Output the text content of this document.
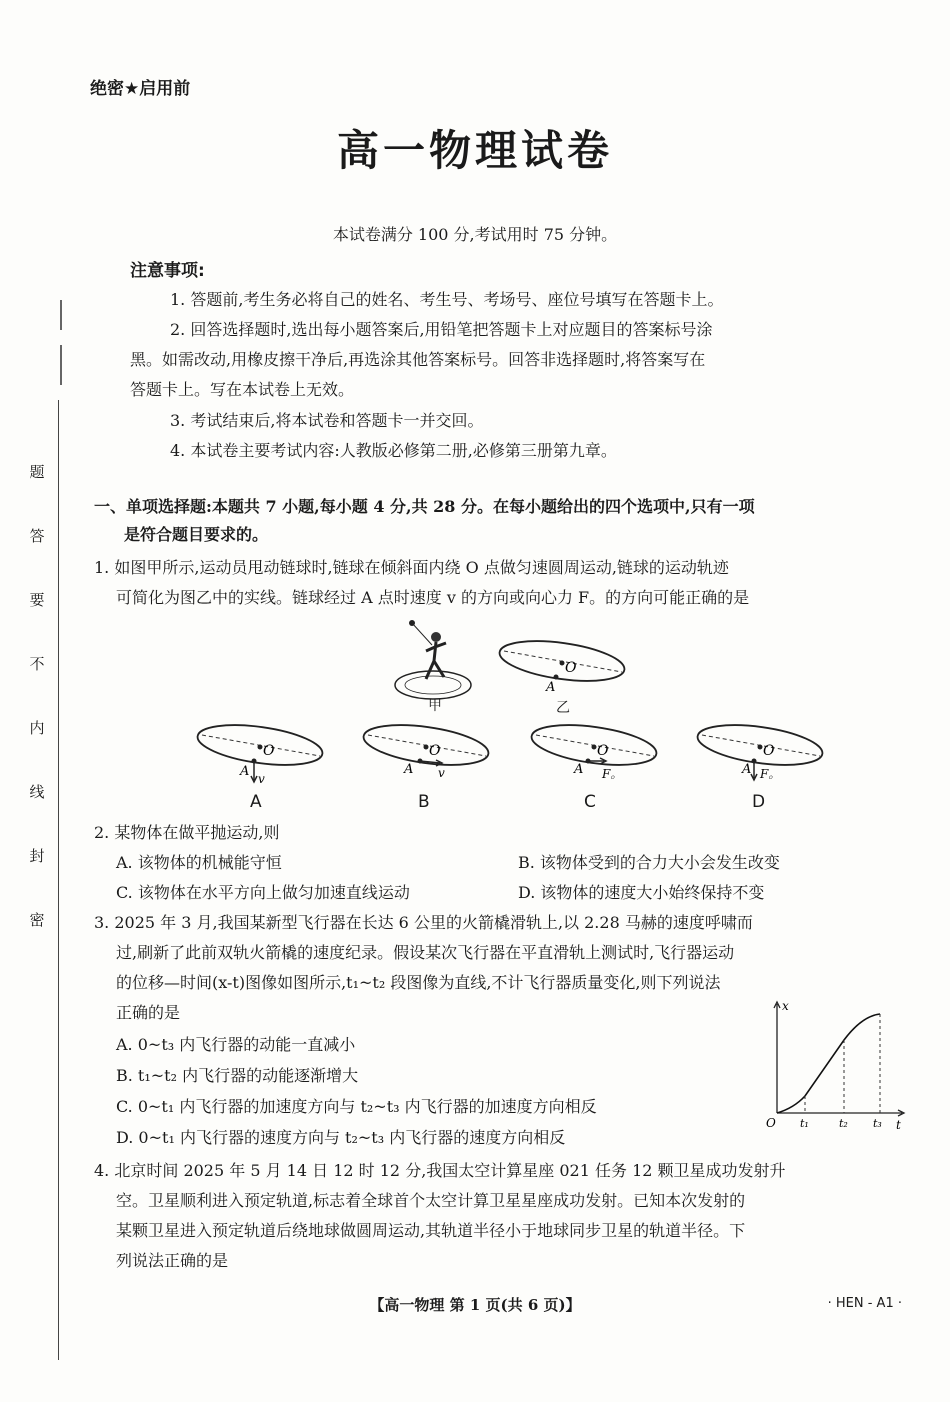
绝密★启用前
高一物理试卷
本试卷满分 100 分,考试用时 75 分钟。
注意事项:
1. 答题前,考生务必将自己的姓名、考生号、考场号、座位号填写在答题卡上。
2. 回答选择题时,选出每小题答案后,用铅笔把答题卡上对应题目的答案标号涂
黑。如需改动,用橡皮擦干净后,再选涂其他答案标号。回答非选择题时,将答案写在
答题卡上。写在本试卷上无效。
3. 考试结束后,将本试卷和答题卡一并交回。
4. 本试卷主要考试内容:人教版必修第二册,必修第三册第九章。
题
答
要
不
内
线
封
密
一、单项选择题:本题共 7 小题,每小题 4 分,共 28 分。在每小题给出的四个选项中,只有一项
是符合题目要求的。
1. 如图甲所示,运动员甩动链球时,链球在倾斜面内绕 O 点做匀速圆周运动,链球的运动轨迹
可简化为图乙中的实线。链球经过 A 点时速度 v 的方向或向心力 F。的方向可能正确的是
甲
O
A
乙
O
A v
A
O
A v
B
O
A F。
C
O
A F。
D
2. 某物体在做平抛运动,则
A. 该物体的机械能守恒	B. 该物体受到的合力大小会发生改变
C. 该物体在水平方向上做匀加速直线运动	D. 该物体的速度大小始终保持不变
3. 2025 年 3 月,我国某新型飞行器在长达 6 公里的火箭橇滑轨上,以 2.28 马赫的速度呼啸而
过,刷新了此前双轨火箭橇的速度纪录。假设某次飞行器在平直滑轨上测试时,飞行器运动
的位移—时间(x-t)图像如图所示,t₁~t₂ 段图像为直线,不计飞行器质量变化,则下列说法
正确的是
A. 0~t₃ 内飞行器的动能一直减小
B. t₁~t₂ 内飞行器的动能逐渐增大
C. 0~t₁ 内飞行器的加速度方向与 t₂~t₃ 内飞行器的加速度方向相反
D. 0~t₁ 内飞行器的速度方向与 t₂~t₃ 内飞行器的速度方向相反
x
t
O t₁	t₂ t₃
4. 北京时间 2025 年 5 月 14 日 12 时 12 分,我国太空计算星座 021 任务 12 颗卫星成功发射升
空。卫星顺利进入预定轨道,标志着全球首个太空计算卫星星座成功发射。已知本次发射的
某颗卫星进入预定轨道后绕地球做圆周运动,其轨道半径小于地球同步卫星的轨道半径。下
列说法正确的是
【高一物理 第 1 页(共 6 页)】	· HEN - A1 ·
